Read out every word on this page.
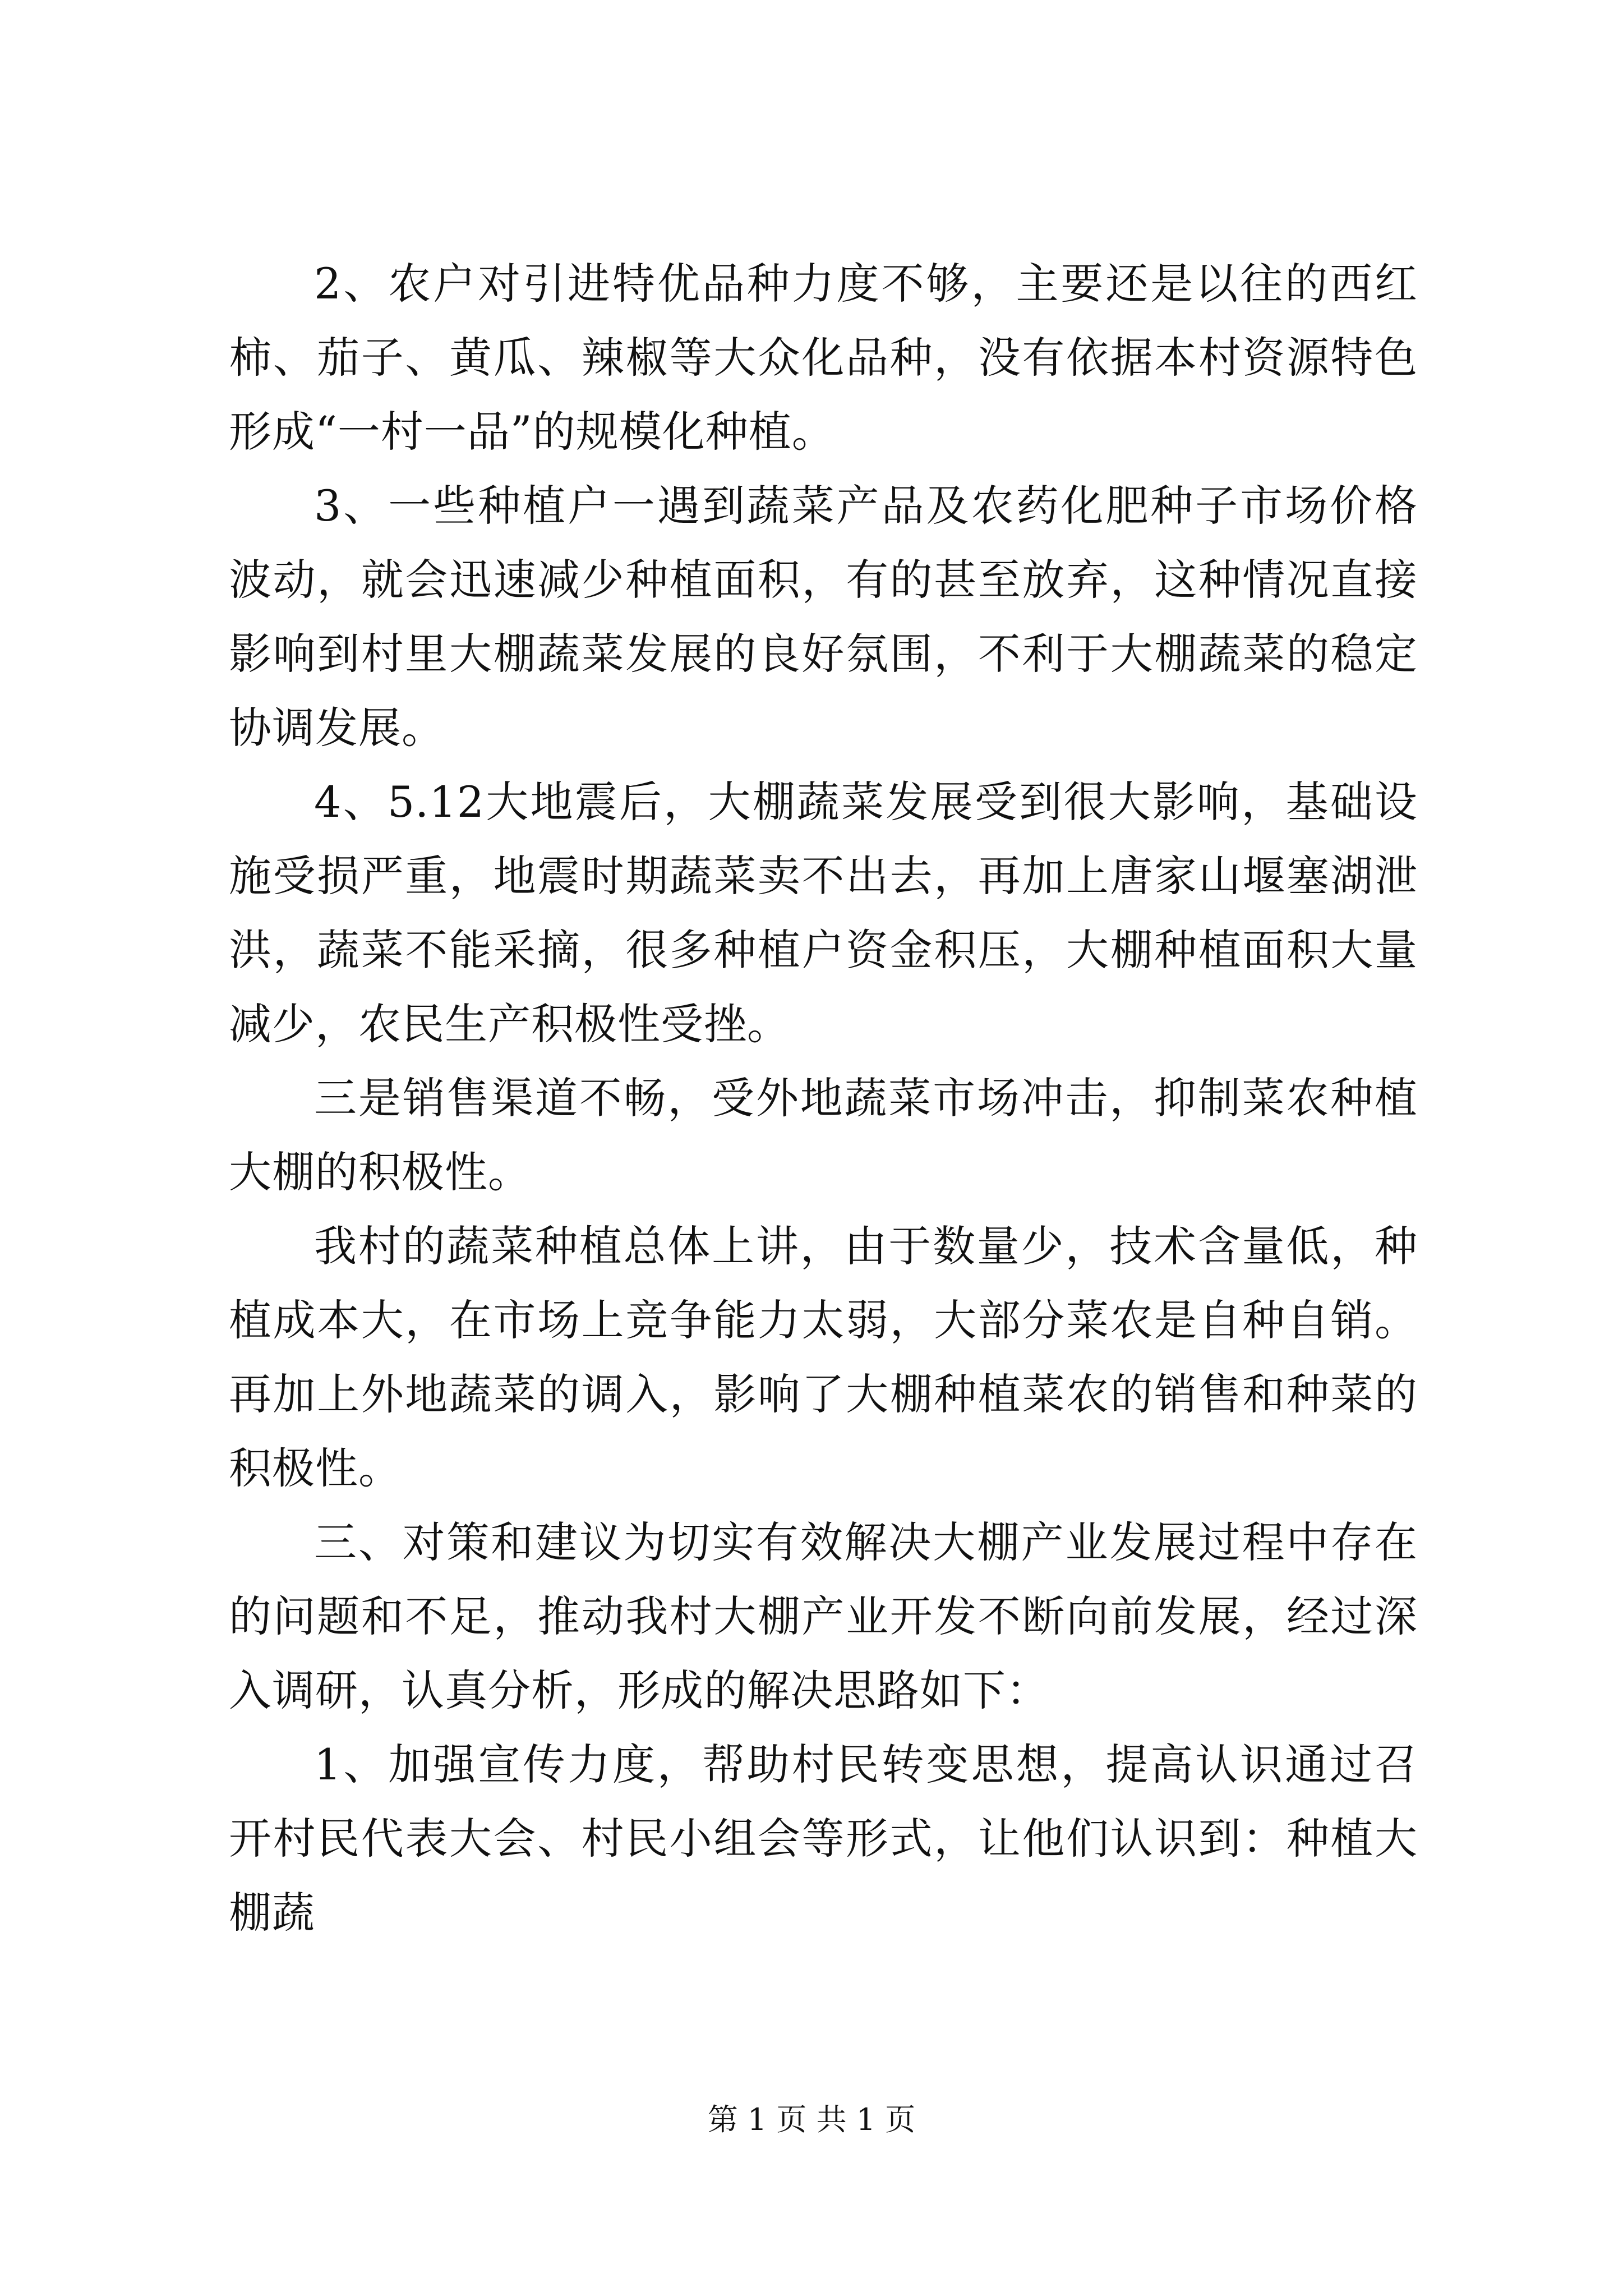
2、农户对引进特优品种力度不够，主要还是以往的西红柿、茄子、黄瓜、辣椒等大众化品种，没有依据本村资源特色形成“一村一品”的规模化种植。

3、一些种植户一遇到蔬菜产品及农药化肥种子市场价格波动，就会迅速减少种植面积，有的甚至放弃，这种情况直接影响到村里大棚蔬菜发展的良好氛围，不利于大棚蔬菜的稳定协调发展。

4、5.12大地震后，大棚蔬菜发展受到很大影响，基础设施受损严重，地震时期蔬菜卖不出去，再加上唐家山堰塞湖泄洪，蔬菜不能采摘，很多种植户资金积压，大棚种植面积大量减少，农民生产积极性受挫。

三是销售渠道不畅，受外地蔬菜市场冲击，抑制菜农种植大棚的积极性。

我村的蔬菜种植总体上讲，由于数量少，技术含量低，种植成本大，在市场上竞争能力太弱，大部分菜农是自种自销。再加上外地蔬菜的调入，影响了大棚种植菜农的销售和种菜的积极性。

三、对策和建议为切实有效解决大棚产业发展过程中存在的问题和不足，推动我村大棚产业开发不断向前发展，经过深入调研，认真分析，形成的解决思路如下：

1、加强宣传力度，帮助村民转变思想，提高认识通过召开村民代表大会、村民小组会等形式，让他们认识到：种植大棚蔬

第 1 页 共 1 页
